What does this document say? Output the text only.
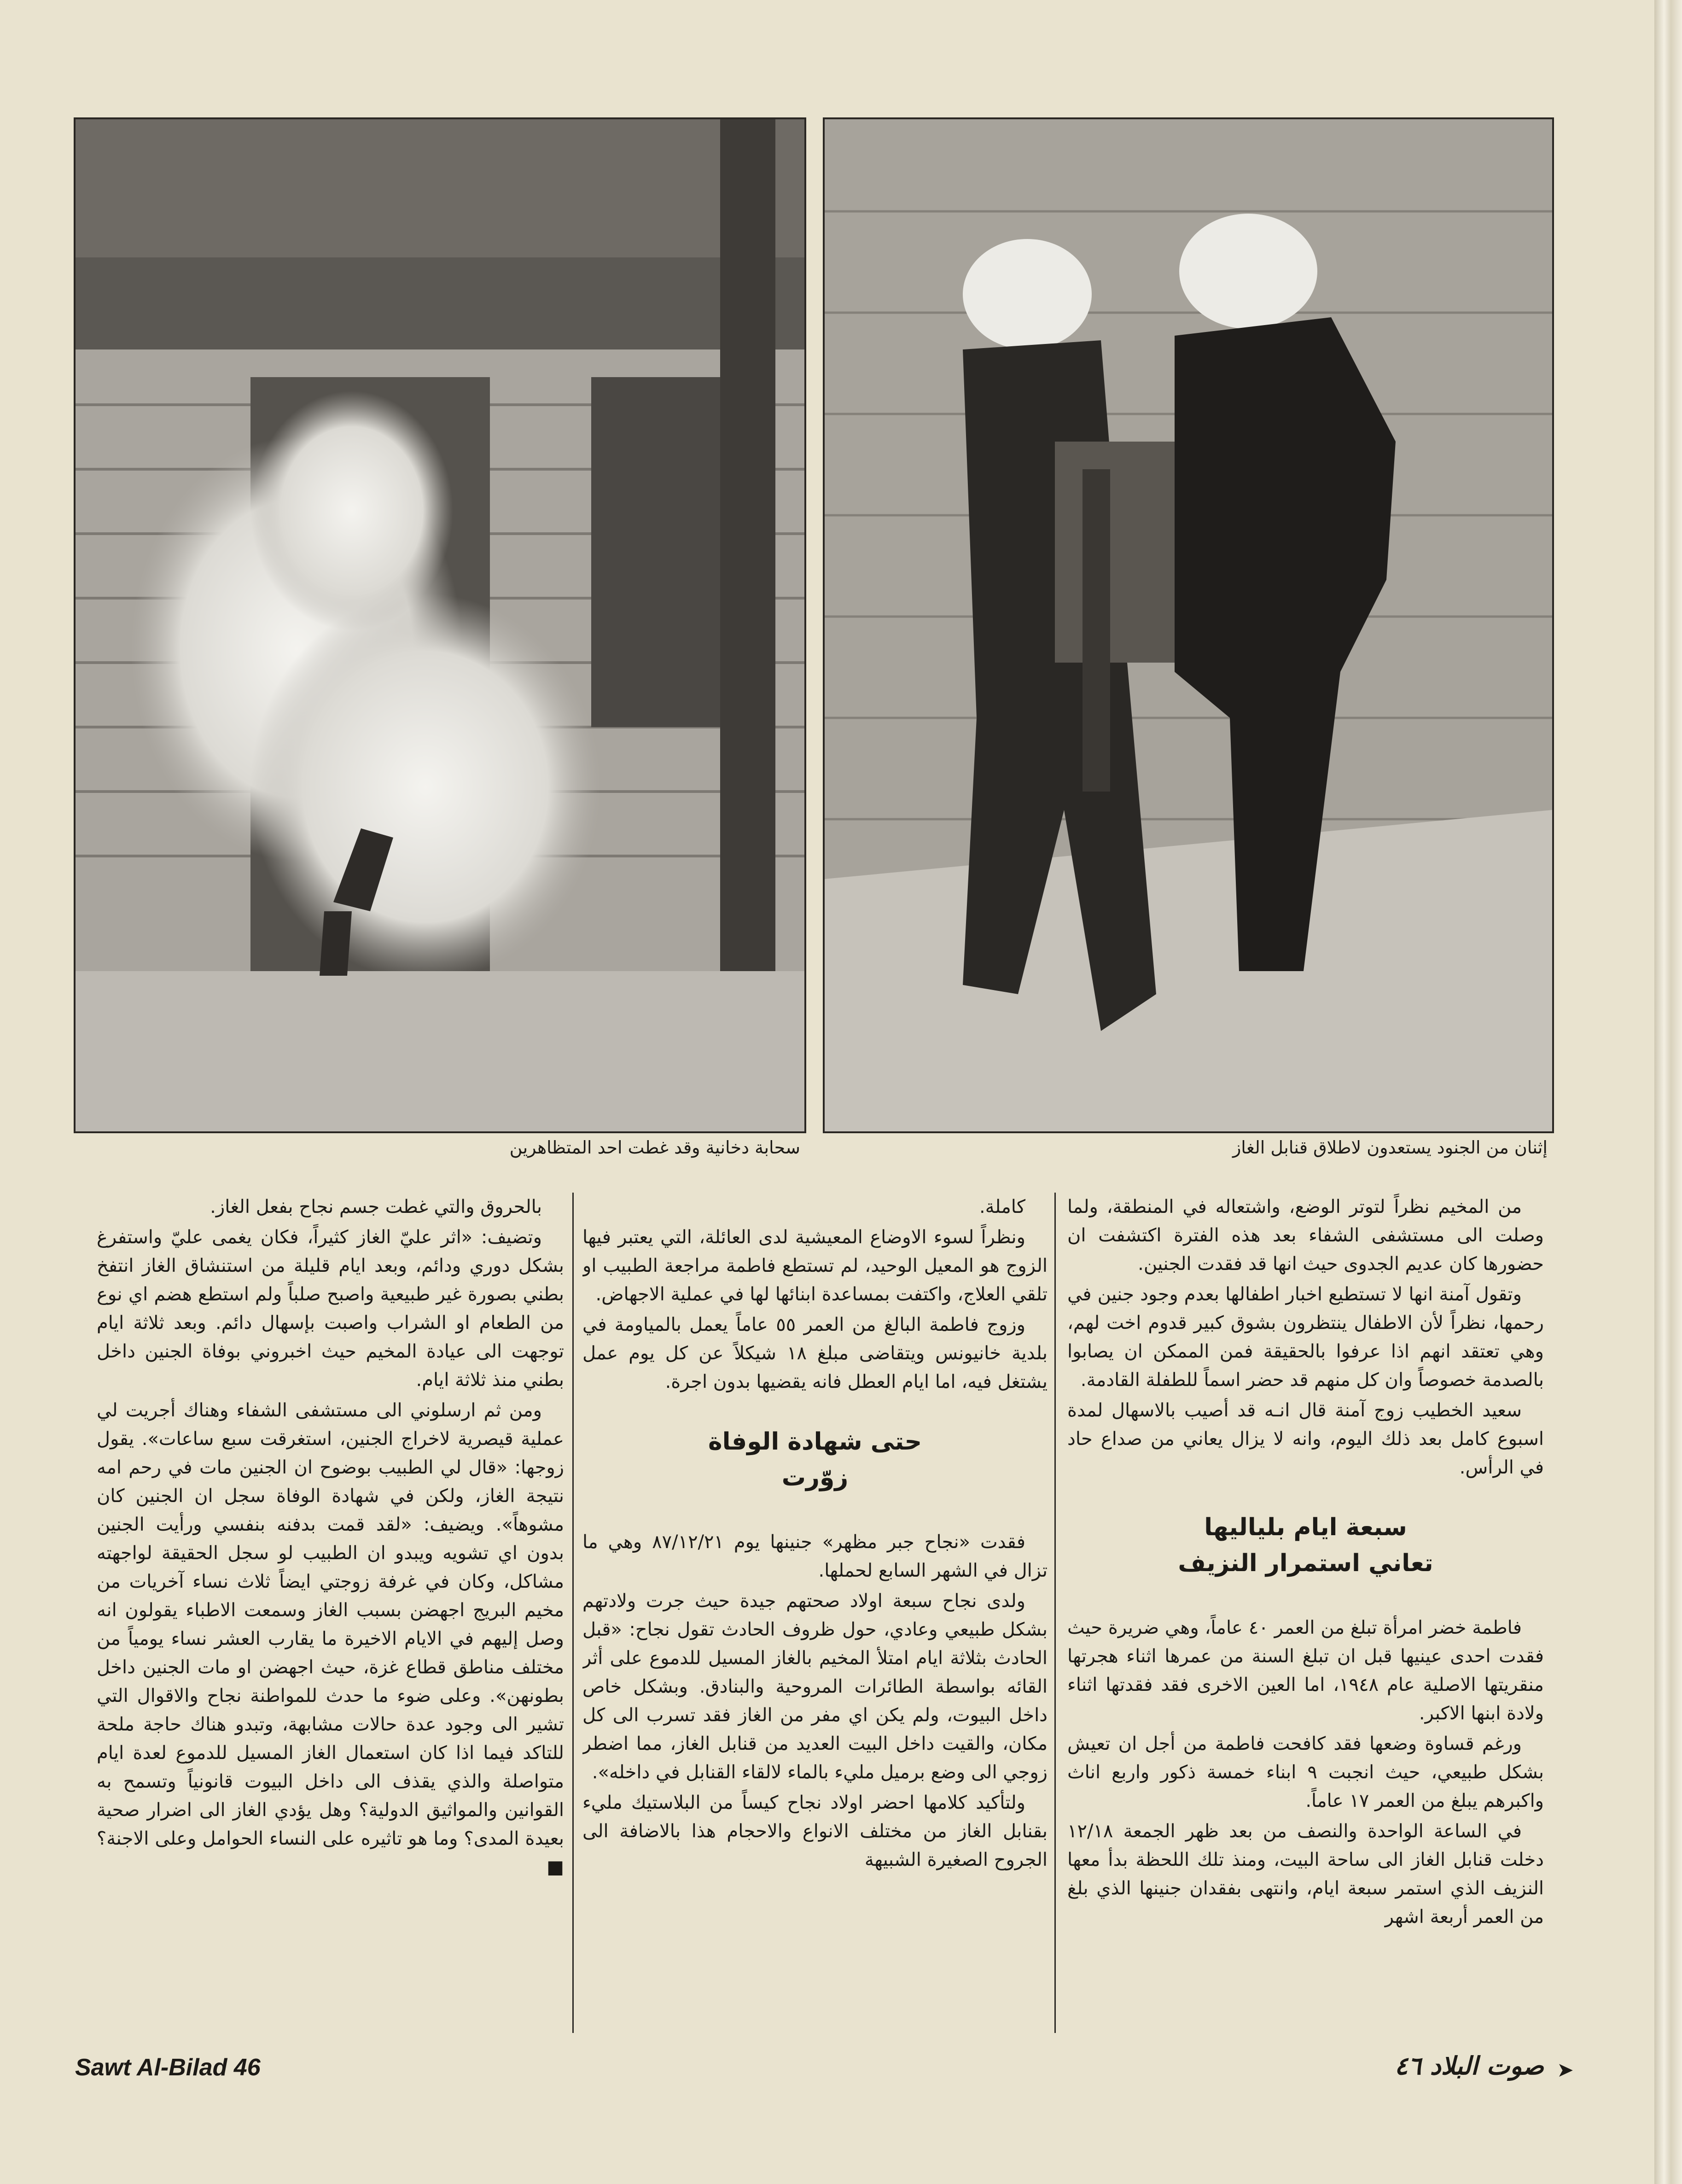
سحابة دخانية وقد غطت احد المتظاهرين	إثنان من الجنود يستعدون لاطلاق قنابل الغاز

من المخيم نظراً لتوتر الوضع، واشتعاله في المنطقة، ولما وصلت الى مستشفى الشفاء بعد هذه الفترة اكتشفت ان حضورها كان عديم الجدوى حيث انها قد فقدت الجنين.

وتقول آمنة انها لا تستطيع اخبار اطفالها بعدم وجود جنين في رحمها، نظراً لأن الاطفال ينتظرون بشوق كبير قدوم اخت لهم، وهي تعتقد انهم اذا عرفوا بالحقيقة فمن الممكن ان يصابوا بالصدمة خصوصاً وان كل منهم قد حضر اسماً للطفلة القادمة.

سعيد الخطيب زوج آمنة قال انـه قد أصيب بالاسهال لمدة اسبوع كامل بعد ذلك اليوم، وانه لا يزال يعاني من صداع حاد في الرأس.

سبعة ايام بلياليها
تعاني استمرار النزيف

فاطمة خضر امرأة تبلغ من العمر ٤٠ عاماً، وهي ضريرة حيث فقدت احدى عينيها قبل ان تبلغ السنة من عمرها اثناء هجرتها منقريتها الاصلية عام ١٩٤٨، اما العين الاخرى فقد فقدتها اثناء ولادة ابنها الاكبر.

ورغم قساوة وضعها فقد كافحت فاطمة من أجل ان تعيش بشكل طبيعي، حيث انجبت ٩ ابناء خمسة ذكور واربع اناث واكبرهم يبلغ من العمر ١٧ عاماً.

في الساعة الواحدة والنصف من بعد ظهر الجمعة ١٢/١٨ دخلت قنابل الغاز الى ساحة البيت، ومنذ تلك اللحظة بدأ معها النزيف الذي استمر سبعة ايام، وانتهى بفقدان جنينها الذي بلغ من العمر أربعة اشهر

كاملة.

ونظراً لسوء الاوضاع المعيشية لدى العائلة، التي يعتبر فيها الزوج هو المعيل الوحيد، لم تستطع فاطمة مراجعة الطبيب او تلقي العلاج، واكتفت بمساعدة ابنائها لها في عملية الاجهاض.

وزوج فاطمة البالغ من العمر ٥٥ عاماً يعمل بالمياومة في بلدية خانيونس ويتقاضى مبلغ ١٨ شيكلاً عن كل يوم عمل يشتغل فيه، اما ايام العطل فانه يقضيها بدون اجرة.

حتى شهادة الوفاة
زوّرت

فقدت «نجاح جبر مظهر» جنينها يوم ٨٧/١٢/٢١ وهي ما تزال في الشهر السابع لحملها.

ولدى نجاح سبعة اولاد صحتهم جيدة حيث جرت ولادتهم بشكل طبيعي وعادي، حول ظروف الحادث تقول نجاح: «قبل الحادث بثلاثة ايام امتلأ المخيم بالغاز المسيل للدموع على أثر القائه بواسطة الطائرات المروحية والبنادق. وبشكل خاص داخل البيوت، ولم يكن اي مفر من الغاز فقد تسرب الى كل مكان، والقيت داخل البيت العديد من قنابل الغاز، مما اضطر زوجي الى وضع برميل مليء بالماء لالقاء القنابل في داخله».

ولتأكيد كلامها احضر اولاد نجاح كيساً من البلاستيك مليء بقنابل الغاز من مختلف الانواع والاحجام هذا بالاضافة الى الجروح الصغيرة الشبيهة

بالحروق والتي غطت جسم نجاح بفعل الغاز.

وتضيف: «اثر عليّ الغاز كثيراً، فكان يغمى عليّ واستفرغ بشكل دوري ودائم، وبعد ايام قليلة من استنشاق الغاز انتفخ بطني بصورة غير طبيعية واصبح صلباً ولم استطع هضم اي نوع من الطعام او الشراب واصبت بإسهال دائم. وبعد ثلاثة ايام توجهت الى عيادة المخيم حيث اخبروني بوفاة الجنين داخل بطني منذ ثلاثة ايام.

ومن ثم ارسلوني الى مستشفى الشفاء وهناك أجريت لي عملية قيصرية لاخراج الجنين، استغرقت سبع ساعات». يقول زوجها: «قال لي الطبيب بوضوح ان الجنين مات في رحم امه نتيجة الغاز، ولكن في شهادة الوفاة سجل ان الجنين كان مشوهاً». ويضيف: «لقد قمت بدفنه بنفسي ورأيت الجنين بدون اي تشويه ويبدو ان الطبيب لو سجل الحقيقة لواجهته مشاكل، وكان في غرفة زوجتي ايضاً ثلاث نساء آخريات من مخيم البريج اجهضن بسبب الغاز وسمعت الاطباء يقولون انه وصل إليهم في الايام الاخيرة ما يقارب العشر نساء يومياً من مختلف مناطق قطاع غزة، حيث اجهضن او مات الجنين داخل بطونهن». وعلى ضوء ما حدث للمواطنة نجاح والاقوال التي تشير الى وجود عدة حالات مشابهة، وتبدو هناك حاجة ملحة للتاكد فيما اذا كان استعمال الغاز المسيل للدموع لعدة ايام متواصلة والذي يقذف الى داخل البيوت قانونياً وتسمح به القوانين والمواثيق الدولية؟ وهل يؤدي الغاز الى اضرار صحية بعيدة المدى؟ وما هو تاثيره على النساء الحوامل وعلى الاجنة؟ ■

Sawt Al-Bilad 46	➤
صوت البلاد ٤٦
